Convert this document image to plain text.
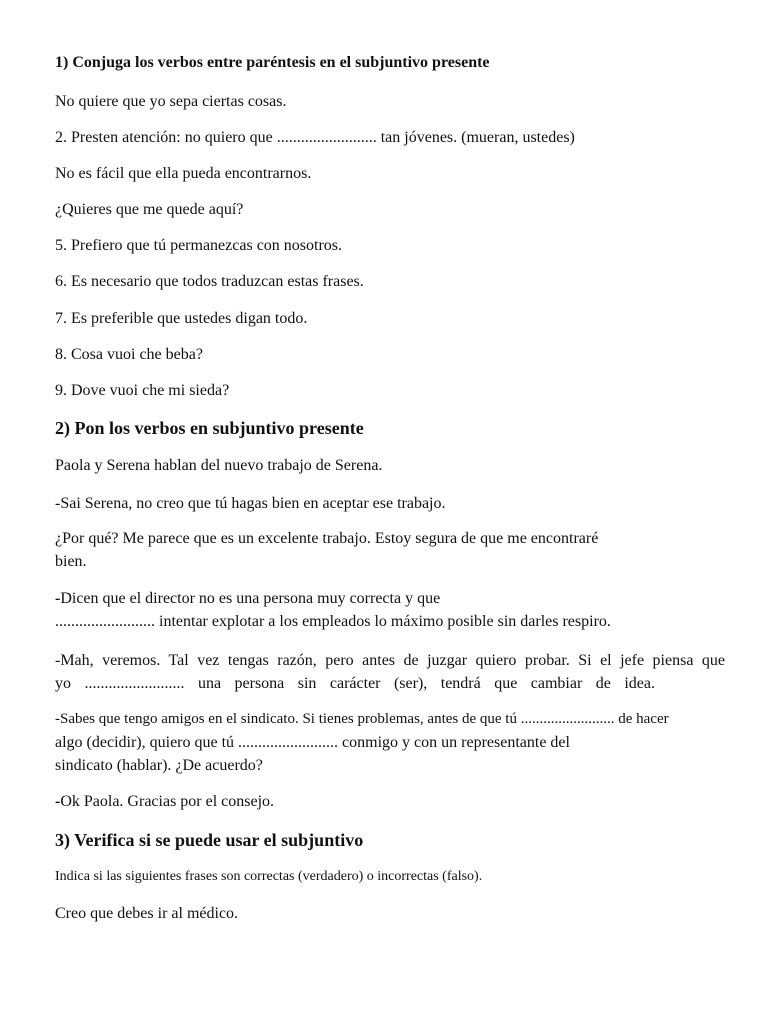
1) Conjuga los verbos entre paréntesis en el subjuntivo presente

No quiere que yo sepa ciertas cosas.

2. Presten atención: no quiero que ......................... tan jóvenes. (mueran, ustedes)

No es fácil que ella pueda encontrarnos.

¿Quieres que me quede aquí?

5. Prefiero que tú permanezcas con nosotros.

6. Es necesario que todos traduzcan estas frases.

7. Es preferible que ustedes digan todo.

8. Cosa vuoi che beba?

9. Dove vuoi che mi sieda?

2) Pon los verbos en subjuntivo presente

Paola y Serena hablan del nuevo trabajo de Serena.

-Sai Serena, no creo que tú hagas bien en aceptar ese trabajo.

¿Por qué? Me parece que es un excelente trabajo. Estoy segura de que me encontraré
bien.
-Dicen que el director no es una persona muy correcta y que
......................... intentar explotar a los empleados lo máximo posible sin darles respiro.
-Mah, veremos. Tal vez tengas razón, pero antes de juzgar quiero probar. Si el jefe piensa que
yo ......................... una persona sin carácter (ser), tendrá que cambiar de idea.
-Sabes que tengo amigos en el sindicato. Si tienes problemas, antes de que tú ......................... de hacer
algo (decidir), quiero que tú ......................... conmigo y con un representante del
sindicato (hablar). ¿De acuerdo?

-Ok Paola. Gracias por el consejo.

3) Verifica si se puede usar el subjuntivo

Indica si las siguientes frases son correctas (verdadero) o incorrectas (falso).

Creo que debes ir al médico.
